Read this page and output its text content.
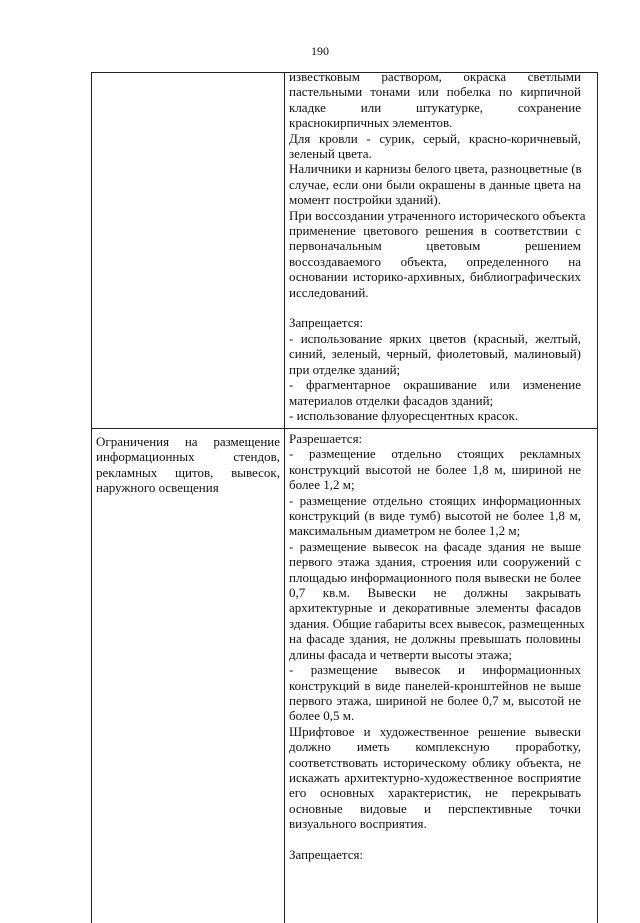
190
известковым раствором, окраска светлыми
пастельными тонами или побелка по кирпичной
кладке или штукатурке, сохранение
краснокирпичных элементов.
Для кровли - сурик, серый, красно-коричневый,
зеленый цвета.
Наличники и карнизы белого цвета, разноцветные (в
случае, если они были окрашены в данные цвета на
момент постройки зданий).
При воссоздании утраченного исторического объекта
применение цветового решения в соответствии с
первоначальным цветовым решением
воссоздаваемого объекта, определенного на
основании историко-архивных, библиографических
исследований.
Запрещается:
- использование ярких цветов (красный, желтый,
синий, зеленый, черный, фиолетовый, малиновый)
при отделке зданий;
- фрагментарное окрашивание или изменение
материалов отделки фасадов зданий;
- использование флуоресцентных красок.
Ограничения на размещение
информационных стендов,
рекламных щитов, вывесок,
наружного освещения
Разрешается:
- размещение отдельно стоящих рекламных
конструкций высотой не более 1,8 м, шириной не
более 1,2 м;
- размещение отдельно стоящих информационных
конструкций (в виде тумб) высотой не более 1,8 м,
максимальным диаметром не более 1,2 м;
- размещение вывесок на фасаде здания не выше
первого этажа здания, строения или сооружений с
площадью информационного поля вывески не более
0,7 кв.м. Вывески не должны закрывать
архитектурные и декоративные элементы фасадов
здания. Общие габариты всех вывесок, размещенных
на фасаде здания, не должны превышать половины
длины фасада и четверти высоты этажа;
- размещение вывесок и информационных
конструкций в виде панелей-кронштейнов не выше
первого этажа, шириной не более 0,7 м, высотой не
более 0,5 м.
Шрифтовое и художественное решение вывески
должно иметь комплексную проработку,
соответствовать историческому облику объекта, не
искажать архитектурно-художественное восприятие
его основных характеристик, не перекрывать
основные видовые и перспективные точки
визуального восприятия.
Запрещается:
